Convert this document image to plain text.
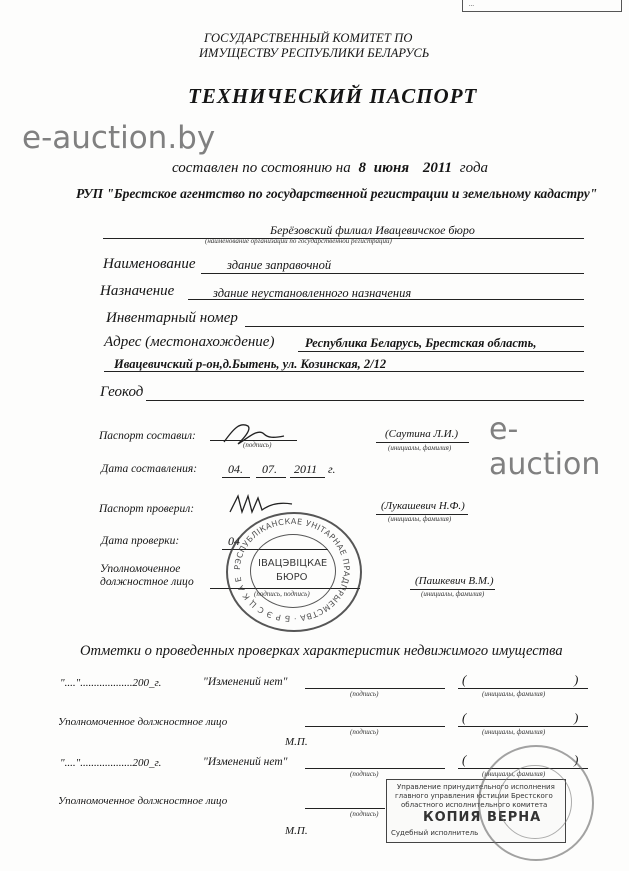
...
ГОСУДАРСТВЕННЫЙ КОМИТЕТ ПО
ИМУЩЕСТВУ РЕСПУБЛИКИ БЕЛАРУСЬ
ТЕХНИЧЕСКИЙ ПАСПОРТ
e-auction.by
e-auction
составлен по состоянию на 8 июня 2011 года
РУП "Брестское агентство по государственной регистрации и земельному кадастру"
Берёзовский филиал Ивацевичское бюро
(наименование организации по государственной регистрации)
Наименование	здание заправочной
Назначение	здание неустановленного назначения
Инвентарный номер
Адрес (местонахождение) Республика Беларусь, Брестская область,
Ивацевичский р-он,д.Бытень, ул. Козинская, 2/12
Геокод
Паспорт составил:
(подпись)
(Саутина Л.И.)
(инициалы, фамилия)
Дата составления:	04. 07. 2011 г.
Паспорт проверил:	(Лукашевич Н.Ф.)
(инициалы, фамилия)
Дата проверки:	04
Уполномоченное
должностное лицо
(подпись, подпись)
(Пашкевич В.М.)
(инициалы, фамилия)
РЭСПУБЛІКАНСКАЕ УНІТАРНАЕ ПРАДПРЫЕМСТВА · Б Р Э С Ц К А Е
ІВАЦЭВІЦКАЕ
БЮРО
Отметки о проведенных проверках характеристик недвижимого имущества
"...."...................200_г.	"Изменений нет"
(подпись)
(	)
(инициалы, фамилия)
Уполномоченное должностное лицо
(подпись)
(	)
(инициалы, фамилия)
М.П.
"...."...................200_г.	"Изменений нет"
(подпись)
(	)
(инициалы, фамилия)
Уполномоченное должностное лицо
(подпись)
М.П.
Управление принудительного исполнения
главного управления юстиции Брестского
областного исполнительного комитета
КОПИЯ ВЕРНА
Судебный исполнитель
